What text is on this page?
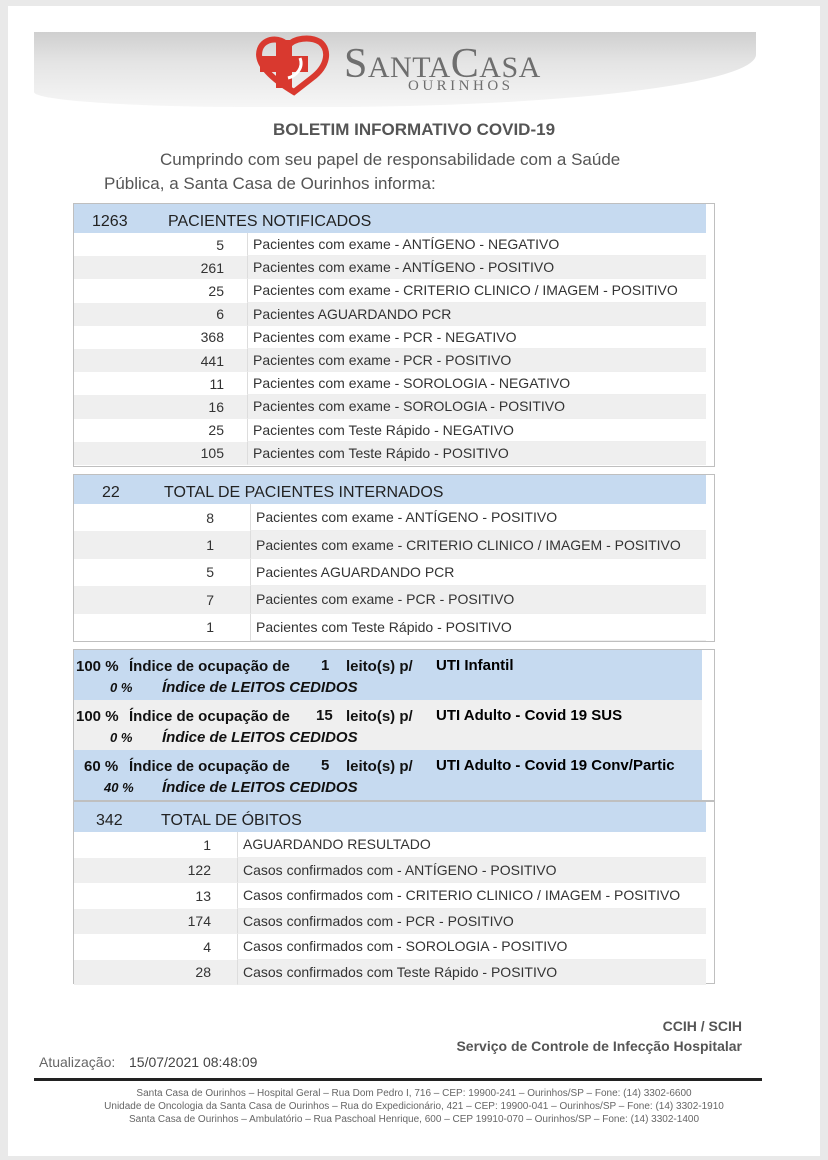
SANTACASA
OURINHOS
BOLETIM INFORMATIVO COVID-19
Cumprindo com seu papel de responsabilidade com a Saúde
Pública, a Santa Casa de Ourinhos informa:
1263	PACIENTES NOTIFICADOS
5	Pacientes com exame - ANTÍGENO - NEGATIVO
261	Pacientes com exame - ANTÍGENO - POSITIVO
25	Pacientes com exame - CRITERIO CLINICO / IMAGEM - POSITIVO
6	Pacientes AGUARDANDO PCR
368	Pacientes com exame - PCR - NEGATIVO
441	Pacientes com exame - PCR - POSITIVO
11	Pacientes com exame - SOROLOGIA - NEGATIVO
16	Pacientes com exame - SOROLOGIA - POSITIVO
25	Pacientes com Teste Rápido - NEGATIVO
105	Pacientes com Teste Rápido - POSITIVO
22	TOTAL DE PACIENTES INTERNADOS
8	Pacientes com exame - ANTÍGENO - POSITIVO
1	Pacientes com exame - CRITERIO CLINICO / IMAGEM - POSITIVO
5	Pacientes AGUARDANDO PCR
7	Pacientes com exame - PCR - POSITIVO
1	Pacientes com Teste Rápido - POSITIVO
100 % Índice de ocupação de 1 leito(s) p/ UTI Infantil
0 % Índice de LEITOS CEDIDOS
100 % Índice de ocupação de 15 leito(s) p/ UTI Adulto - Covid 19 SUS
0 % Índice de LEITOS CEDIDOS
60 % Índice de ocupação de 5 leito(s) p/ UTI Adulto - Covid 19 Conv/Partic
40 % Índice de LEITOS CEDIDOS
342	TOTAL DE ÓBITOS
1	AGUARDANDO RESULTADO
122	Casos confirmados com - ANTÍGENO - POSITIVO
13	Casos confirmados com - CRITERIO CLINICO / IMAGEM - POSITIVO
174	Casos confirmados com - PCR - POSITIVO
4	Casos confirmados com - SOROLOGIA - POSITIVO
28	Casos confirmados com Teste Rápido - POSITIVO
CCIH / SCIH
Serviço de Controle de Infecção Hospitalar
Atualização: 15/07/2021 08:48:09
Santa Casa de Ourinhos – Hospital Geral – Rua Dom Pedro I, 716 – CEP: 19900-241 – Ourinhos/SP – Fone: (14) 3302-6600
Unidade de Oncologia da Santa Casa de Ourinhos – Rua do Expedicionário, 421 – CEP: 19900-041 – Ourinhos/SP – Fone: (14) 3302-1910
Santa Casa de Ourinhos – Ambulatório – Rua Paschoal Henrique, 600 – CEP 19910-070 – Ourinhos/SP – Fone: (14) 3302-1400
